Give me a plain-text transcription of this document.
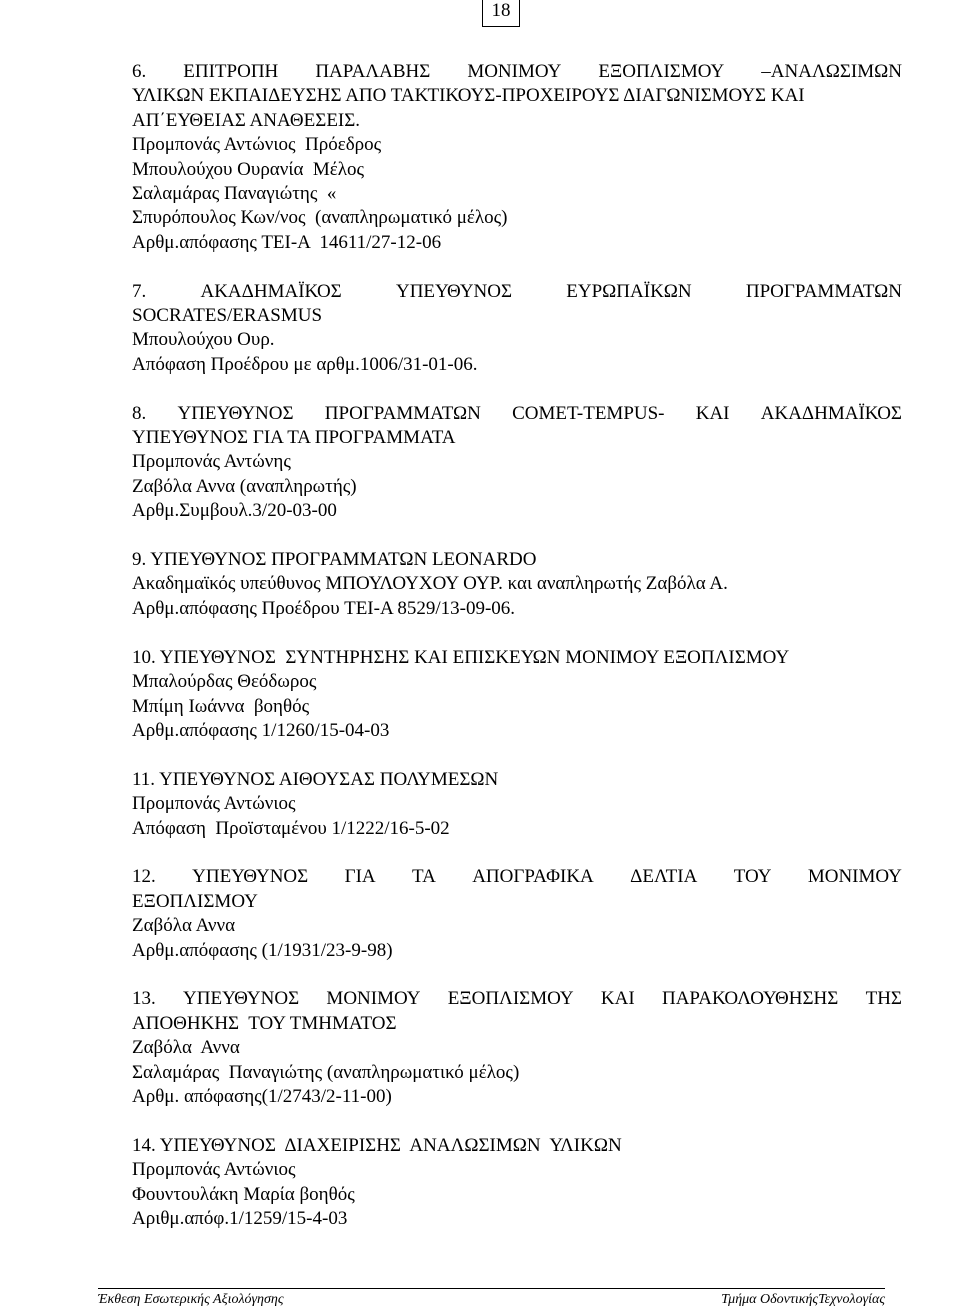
18
6. ΕΠΙΤΡΟΠΗ ΠΑΡΑΛΑΒΗΣ ΜΟΝΙΜΟΥ ΕΞΟΠΛΙΣΜΟΥ –ΑΝΑΛΩΣΙΜΩΝ
ΥΛΙΚΩΝ ΕΚΠΑΙΔΕΥΣΗΣ ΑΠΟ ΤΑΚΤΙΚΟΥΣ-ΠΡΟΧΕΙΡΟΥΣ ΔΙΑΓΩΝΙΣΜΟΥΣ ΚΑΙ
ΑΠ΄ΕΥΘΕΙΑΣ ΑΝΑΘΕΣΕΙΣ.
Προμπονάς Αντώνιος  Πρόεδρος
Μπουλούχου Ουρανία  Μέλος
Σαλαμάρας Παναγιώτης  «
Σπυρόπουλος Κων/νος  (αναπληρωματικό μέλος)
Αρθμ.απόφασης ΤΕΙ-Α  14611/27-12-06
7.	ΑΚΑΔΗΜΑΪΚΟΣ	ΥΠΕΥΘΥΝΟΣ	ΕΥΡΩΠΑΪΚΩΝ	ΠΡΟΓΡΑΜΜΑΤΩΝ
SOCRATES/ERASMUS
Μπουλούχου Ουρ.
Απόφαση Προέδρου με αρθμ.1006/31-01-06.
8. ΥΠΕΥΘΥΝΟΣ ΠΡΟΓΡΑΜΜΑΤΩΝ COMET-TEMPUS- ΚΑΙ ΑΚΑΔΗΜΑΪΚΟΣ
ΥΠΕΥΘΥΝΟΣ ΓΙΑ ΤΑ ΠΡΟΓΡΑΜΜΑΤΑ
Προμπονάς Αντώνης
Ζαβόλα Αννα (αναπληρωτής)
Αρθμ.Συμβουλ.3/20-03-00
9. ΥΠΕΥΘΥΝΟΣ ΠΡΟΓΡΑΜΜΑΤΩΝ LEONARDO
Ακαδημαϊκός υπεύθυνος ΜΠΟΥΛΟΥΧΟΥ ΟΥΡ. και αναπληρωτής Ζαβόλα Α.
Αρθμ.απόφασης Προέδρου ΤΕΙ-Α 8529/13-09-06.
10. ΥΠΕΥΘΥΝΟΣ  ΣΥΝΤΗΡΗΣΗΣ ΚΑΙ ΕΠΙΣΚΕΥΩΝ ΜΟΝΙΜΟΥ ΕΞΟΠΛΙΣΜΟΥ
Μπαλούρδας Θεόδωρος
Μπίμη Ιωάννα  βοηθός
Αρθμ.απόφασης 1/1260/15-04-03
11. ΥΠΕΥΘΥΝΟΣ ΑΙΘΟΥΣΑΣ ΠΟΛΥΜΕΣΩΝ
Προμπονάς Αντώνιος
Απόφαση  Προϊσταμένου 1/1222/16-5-02
12. ΥΠΕΥΘΥΝΟΣ ΓΙΑ ΤΑ ΑΠΟΓΡΑΦΙΚΑ ΔΕΛΤΙΑ ΤΟΥ ΜΟΝΙΜΟΥ
ΕΞΟΠΛΙΣΜΟΥ
Ζαβόλα Αννα
Αρθμ.απόφασης (1/1931/23-9-98)
13. ΥΠΕΥΘΥΝΟΣ ΜΟΝΙΜΟΥ ΕΞΟΠΛΙΣΜΟΥ ΚΑΙ ΠΑΡΑΚΟΛΟΥΘΗΣΗΣ ΤΗΣ
ΑΠΟΘΗΚΗΣ  ΤΟΥ ΤΜΗΜΑΤΟΣ
Ζαβόλα  Αννα
Σαλαμάρας  Παναγιώτης (αναπληρωματικό μέλος)
Αρθμ. απόφασης(1/2743/2-11-00)
14. ΥΠΕΥΘΥΝΟΣ  ΔΙΑΧΕΙΡΙΣΗΣ  ΑΝΑΛΩΣΙΜΩΝ  ΥΛΙΚΩΝ
Προμπονάς Αντώνιος
Φουντουλάκη Μαρία βοηθός
Αριθμ.απόφ.1/1259/15-4-03
Έκθεση Εσωτερικής Αξιολόγησης	Τμήμα ΟδοντικήςΤεχνολογίας
